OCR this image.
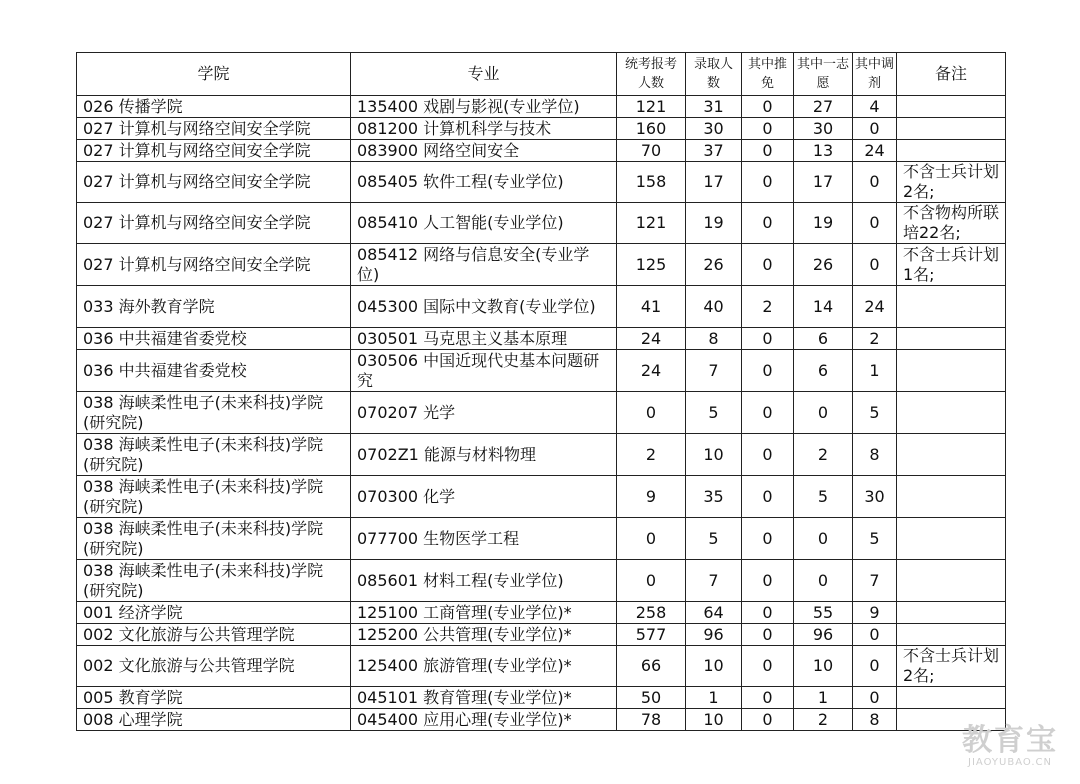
学院	专业	统考报考人数	录取人数	其中推免	其中一志愿	其中调剂	备注
026 传播学院	135400 戏剧与影视(专业学位)	121	31	0	27	4	
027 计算机与网络空间安全学院	081200 计算机科学与技术	160	30	0	30	0	
027 计算机与网络空间安全学院	083900 网络空间安全	70	37	0	13	24	
027 计算机与网络空间安全学院	085405 软件工程(专业学位)	158	17	0	17	0	不含士兵计划2名;
027 计算机与网络空间安全学院	085410 人工智能(专业学位)	121	19	0	19	0	不含物构所联培22名;
027 计算机与网络空间安全学院	085412 网络与信息安全(专业学位)	125	26	0	26	0	不含士兵计划1名;
033 海外教育学院	045300 国际中文教育(专业学位)	41	40	2	14	24	
036 中共福建省委党校	030501 马克思主义基本原理	24	8	0	6	2	
036 中共福建省委党校	030506 中国近现代史基本问题研究	24	7	0	6	1	
038 海峡柔性电子(未来科技)学院(研究院)	070207 光学	0	5	0	0	5	
038 海峡柔性电子(未来科技)学院(研究院)	0702Z1 能源与材料物理	2	10	0	2	8	
038 海峡柔性电子(未来科技)学院(研究院)	070300 化学	9	35	0	5	30	
038 海峡柔性电子(未来科技)学院(研究院)	077700 生物医学工程	0	5	0	0	5	
038 海峡柔性电子(未来科技)学院(研究院)	085601 材料工程(专业学位)	0	7	0	0	7	
001 经济学院	125100 工商管理(专业学位)*	258	64	0	55	9	
002 文化旅游与公共管理学院	125200 公共管理(专业学位)*	577	96	0	96	0	
002 文化旅游与公共管理学院	125400 旅游管理(专业学位)*	66	10	0	10	0	不含士兵计划2名;
005 教育学院	045101 教育管理(专业学位)*	50	1	0	1	0	
008 心理学院	045400 应用心理(专业学位)*	78	10	0	2	8	
教育宝
JIAOYUBAO.CN
